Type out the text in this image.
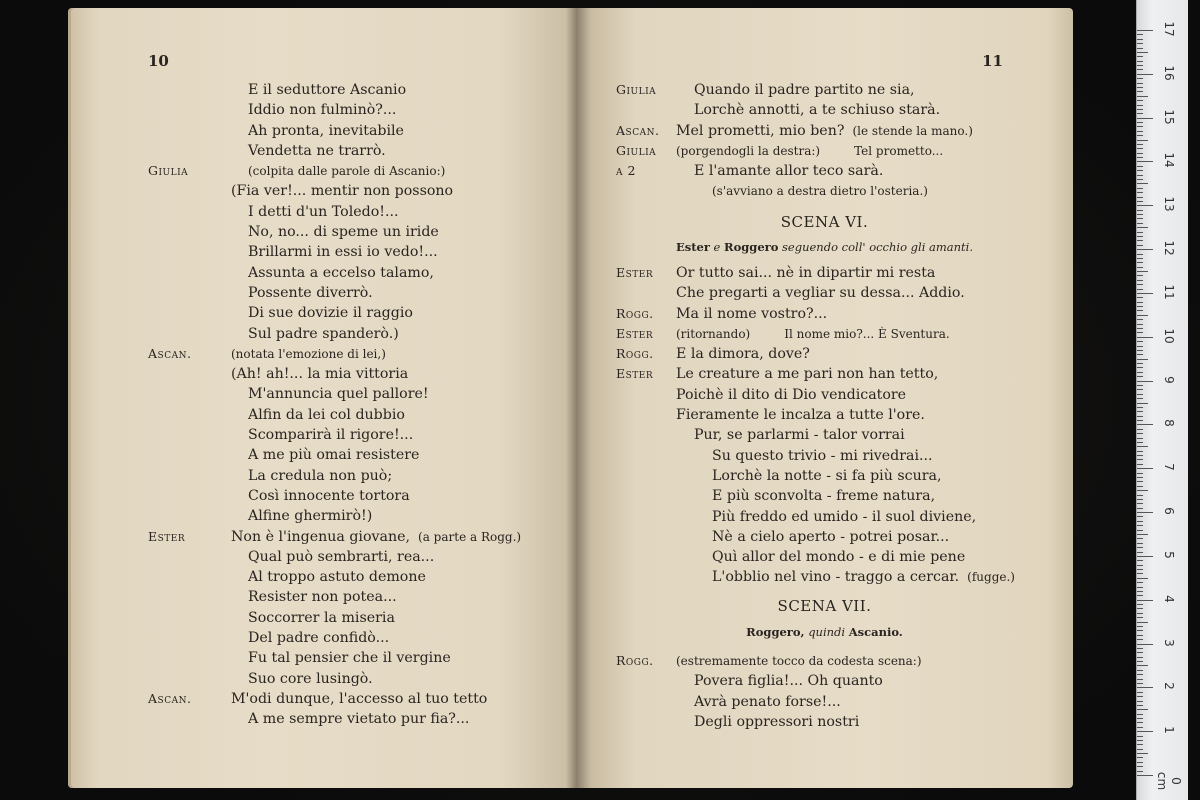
10
E il seduttore Ascanio
Iddio non fulminò?...
Ah pronta, inevitabile
Vendetta ne trarrò.
Giulia	(colpita dalle parole di Ascanio:)
(Fia ver!... mentir non possono
I detti d'un Toledo!...
No, no... di speme un iride
Brillarmi in essi io vedo!...
Assunta a eccelso talamo,
Possente diverrò.
Di sue dovizie il raggio
Sul padre spanderò.)
Ascan.	(notata l'emozione di lei,)
(Ah! ah!... la mia vittoria
M'annuncia quel pallore!
Alfin da lei col dubbio
Scomparirà il rigore!...
A me più omai resistere
La credula non può;
Così innocente tortora
Alfine ghermirò!)
Ester	Non è l'ingenua giovane, (a parte a Rogg.)
Qual può sembrarti, rea...
Al troppo astuto demone
Resister non potea...
Soccorrer la miseria
Del padre confidò...
Fu tal pensier che il vergine
Suo core lusingò.
Ascan.	M'odi dunque, l'accesso al tuo tetto
A me sempre vietato pur fia?...
11
Giulia	Quando il padre partito ne sia,
Lorchè annotti, a te schiuso starà.
Ascan. Mel prometti, mio ben? (le stende la mano.)
Giulia (porgendogli la destra:)	Tel prometto...
a 2	E l'amante allor teco sarà.
(s'avviano a destra dietro l'osteria.)
SCENA VI.
Ester e Roggero seguendo coll' occhio gli amanti.
Ester Or tutto sai... nè in dipartir mi resta
Che pregarti a vegliar su dessa... Addio.
Rogg. Ma il nome vostro?...
Ester (ritornando)	Il nome mio?... È Sventura.
Rogg. E la dimora, dove?
Ester Le creature a me pari non han tetto,
Poichè il dito di Dio vendicatore
Fieramente le incalza a tutte l'ore.
Pur, se parlarmi - talor vorrai
Su questo trivio - mi rivedrai...
Lorchè la notte - si fa più scura,
E più sconvolta - freme natura,
Più freddo ed umido - il suol diviene,
Nè a cielo aperto - potrei posar...
Quì allor del mondo - e di mie pene
L'obblio nel vino - traggo a cercar. (fugge.)
SCENA VII.
Roggero, quindi Ascanio.
Rogg. (estremamente tocco da codesta scena:)
Povera figlia!... Oh quanto
Avrà penato forse!...
Degli oppressori nostri
17
16
15
14
13
12
11
10
9
8
7
6
5
4
3
2
1
0 cm
